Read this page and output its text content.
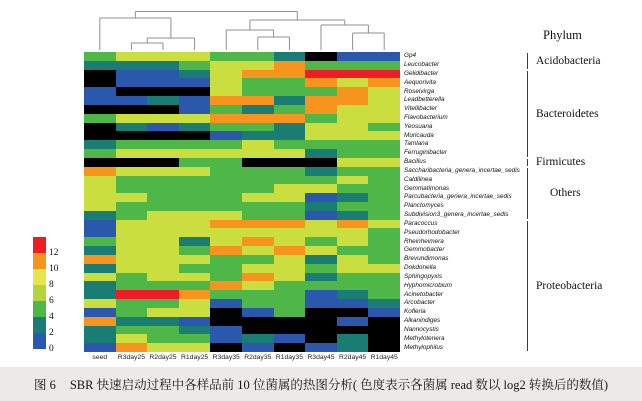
Gp4
Leucobacter
Gelidibacter
Aequorivita
Roseivirga
Leadbetterella
Vitellibacter
Flavobacterium
Yeosuana
Muricauda
Tamlana
Ferruginibacter
Bacillus
Saccharibacteria_genera_incertae_sedis
Caldilinea
Gemmatimonas
Parcubacteria_genera_incertae_sedis
Planctomyces
Subdivision3_genera_incertae_sedis
Paracoccus
Pseudorhodobacter
Rheinheimera
Gemmobacter
Brevundimonas
Dokdonella
Sphingopyxis
Hyphomicrobium
Acinetobacter
Arcobacter
Kofleria
Alkanindiges
Nannocystis
Methylotenera
Methylophilus
seed	R3day25 R2day25 R1day25 R3day35 R2day35 R1day35 R3day45 R2day45 R1day45
12
10
8
6
4
2
0
Phylum
Acidobacteria
Bacteroidetes
Firmicutes
Others
Proteobacteria
图 6 SBR 快速启动过程中各样品前 10 位菌属的热图分析( 色度表示各菌属 read 数以 log2 转换后的数值)
